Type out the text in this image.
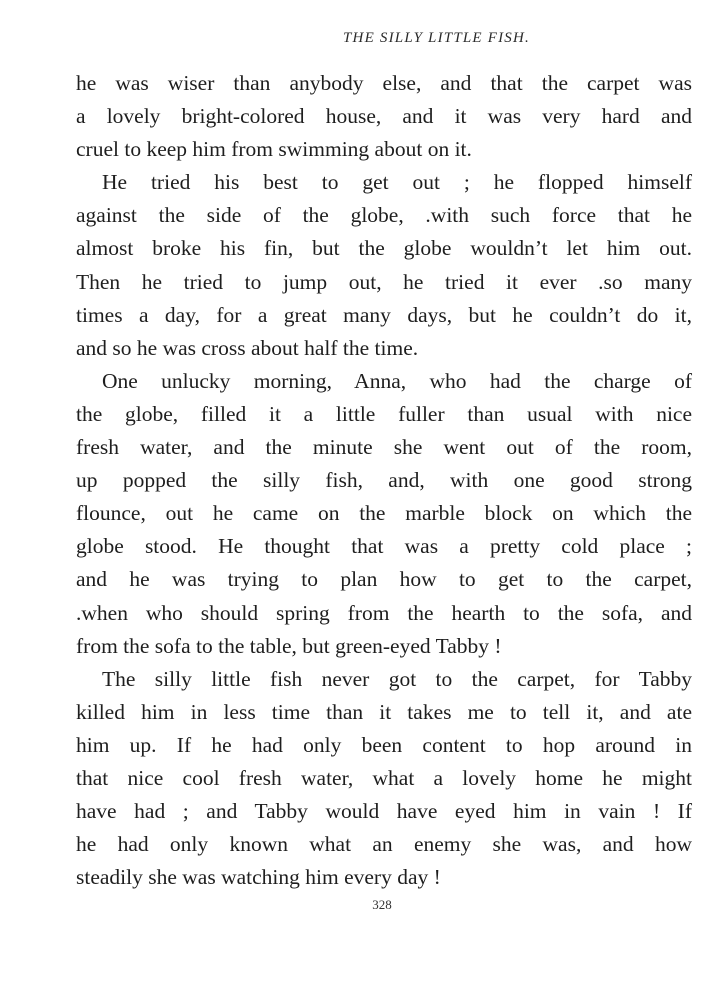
THE SILLY LITTLE FISH.
he was wiser than anybody else, and that the carpet was
a lovely bright-colored house, and it was very hard and
cruel to keep him from swimming about on it.
He tried his best to get out ; he flopped himself
against the side of the globe, .with such force that he
almost broke his fin, but the globe wouldn’t let him out.
Then he tried to jump out, he tried it ever .so many
times a day, for a great many days, but he couldn’t do it,
and so he was cross about half the time.
One unlucky morning, Anna, who had the charge of
the globe, filled it a little fuller than usual with nice
fresh water, and the minute she went out of the room,
up popped the silly fish, and, with one good strong
flounce, out he came on the marble block on which the
globe stood. He thought that was a pretty cold place ;
and he was trying to plan how to get to the carpet,
.when who should spring from the hearth to the sofa, and
from the sofa to the table, but green-eyed Tabby !
The silly little fish never got to the carpet, for Tabby
killed him in less time than it takes me to tell it, and ate
him up. If he had only been content to hop around in
that nice cool fresh water, what a lovely home he might
have had ; and Tabby would have eyed him in vain ! If
he had only known what an enemy she was, and how
steadily she was watching him every day !
328
